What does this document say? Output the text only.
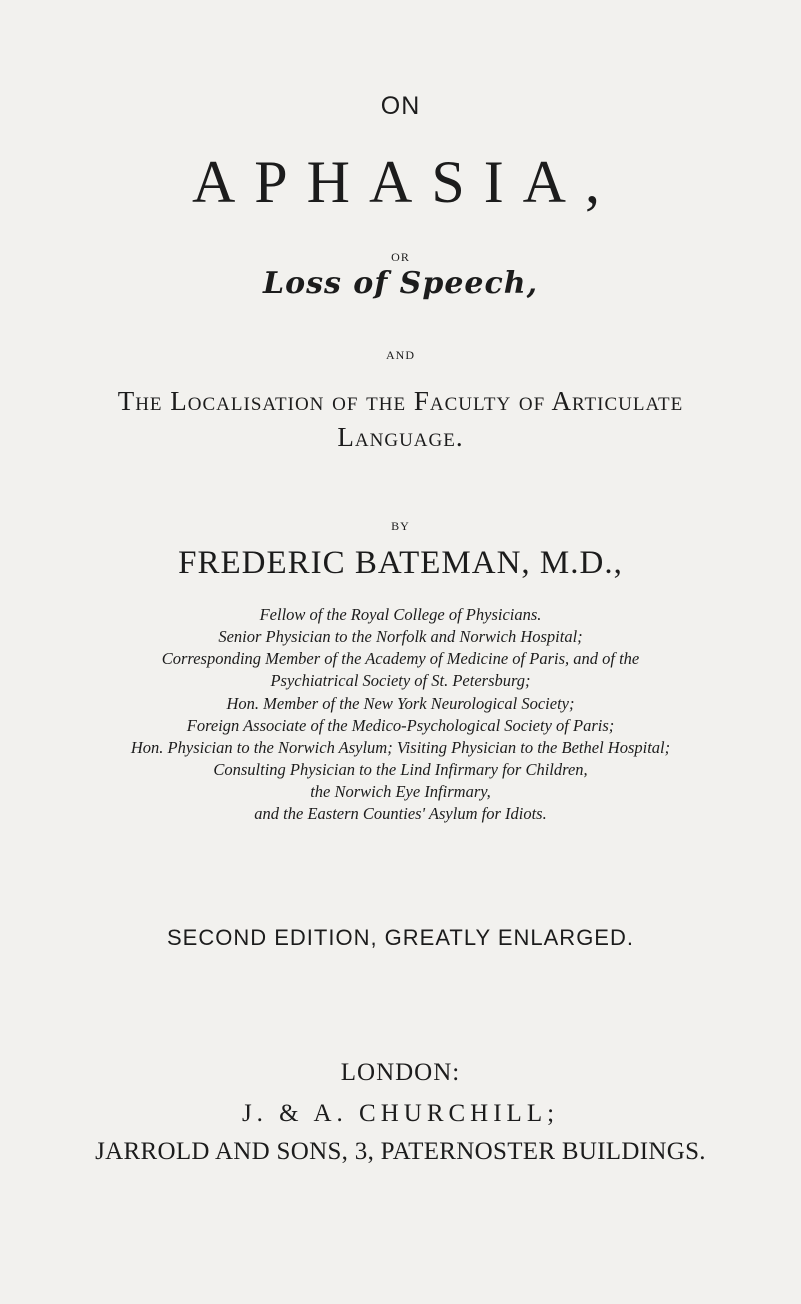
ON
APHASIA,
OR
Loss of Speech,
AND
The Localisation of the Faculty of Articulate
Language.
BY
FREDERIC BATEMAN, M.D.,
Fellow of the Royal College of Physicians.
Senior Physician to the Norfolk and Norwich Hospital;
Corresponding Member of the Academy of Medicine of Paris, and of the
Psychiatrical Society of St. Petersburg;
Hon. Member of the New York Neurological Society;
Foreign Associate of the Medico-Psychological Society of Paris;
Hon. Physician to the Norwich Asylum; Visiting Physician to the Bethel Hospital;
Consulting Physician to the Lind Infirmary for Children,
the Norwich Eye Infirmary,
and the Eastern Counties' Asylum for Idiots.
SECOND EDITION, GREATLY ENLARGED.
LONDON:
J. & A. CHURCHILL;
JARROLD AND SONS, 3, PATERNOSTER BUILDINGS.
